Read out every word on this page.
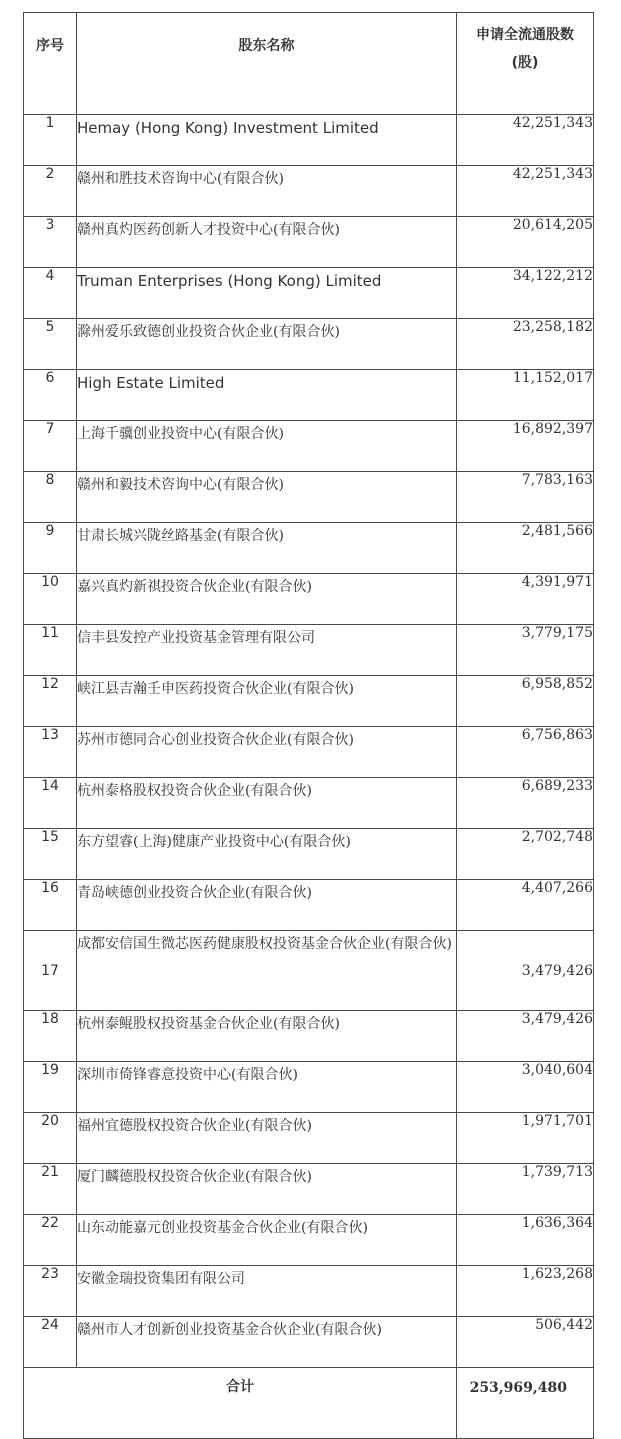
序号	股东名称	申请全流通股数
(股)

1	Hemay (Hong Kong) Investment Limited	42,251,343
2	赣州和胜技术咨询中心(有限合伙)	42,251,343
3	赣州真灼医药创新人才投资中心(有限合伙)	20,614,205
4	Truman Enterprises (Hong Kong) Limited	34,122,212
5	滁州爱乐致德创业投资合伙企业(有限合伙)	23,258,182
6	High Estate Limited	11,152,017
7	上海千骥创业投资中心(有限合伙)	16,892,397
8	赣州和毅技术咨询中心(有限合伙)	7,783,163
9	甘肃长城兴陇丝路基金(有限合伙)	2,481,566
10	嘉兴真灼新祺投资合伙企业(有限合伙)	4,391,971
11	信丰县发控产业投资基金管理有限公司	3,779,175
12	峡江县吉瀚壬申医药投资合伙企业(有限合伙)	6,958,852
13	苏州市德同合心创业投资合伙企业(有限合伙)	6,756,863
14	杭州泰格股权投资合伙企业(有限合伙)	6,689,233
15	东方望睿(上海)健康产业投资中心(有限合伙)	2,702,748
16	青岛峡德创业投资合伙企业(有限合伙)	4,407,266
17	成都安信国生微芯医药健康股权投资基金合伙企业(有限合伙)	3,479,426
18	杭州泰鲲股权投资基金合伙企业(有限合伙)	3,479,426
19	深圳市倚锋睿意投资中心(有限合伙)	3,040,604
20	福州宜德股权投资合伙企业(有限合伙)	1,971,701
21	厦门麟德股权投资合伙企业(有限合伙)	1,739,713
22	山东动能嘉元创业投资基金合伙企业(有限合伙)	1,636,364
23	安徽金瑞投资集团有限公司	1,623,268
24	赣州市人才创新创业投资基金合伙企业(有限合伙)	506,442
合计		253,969,480
